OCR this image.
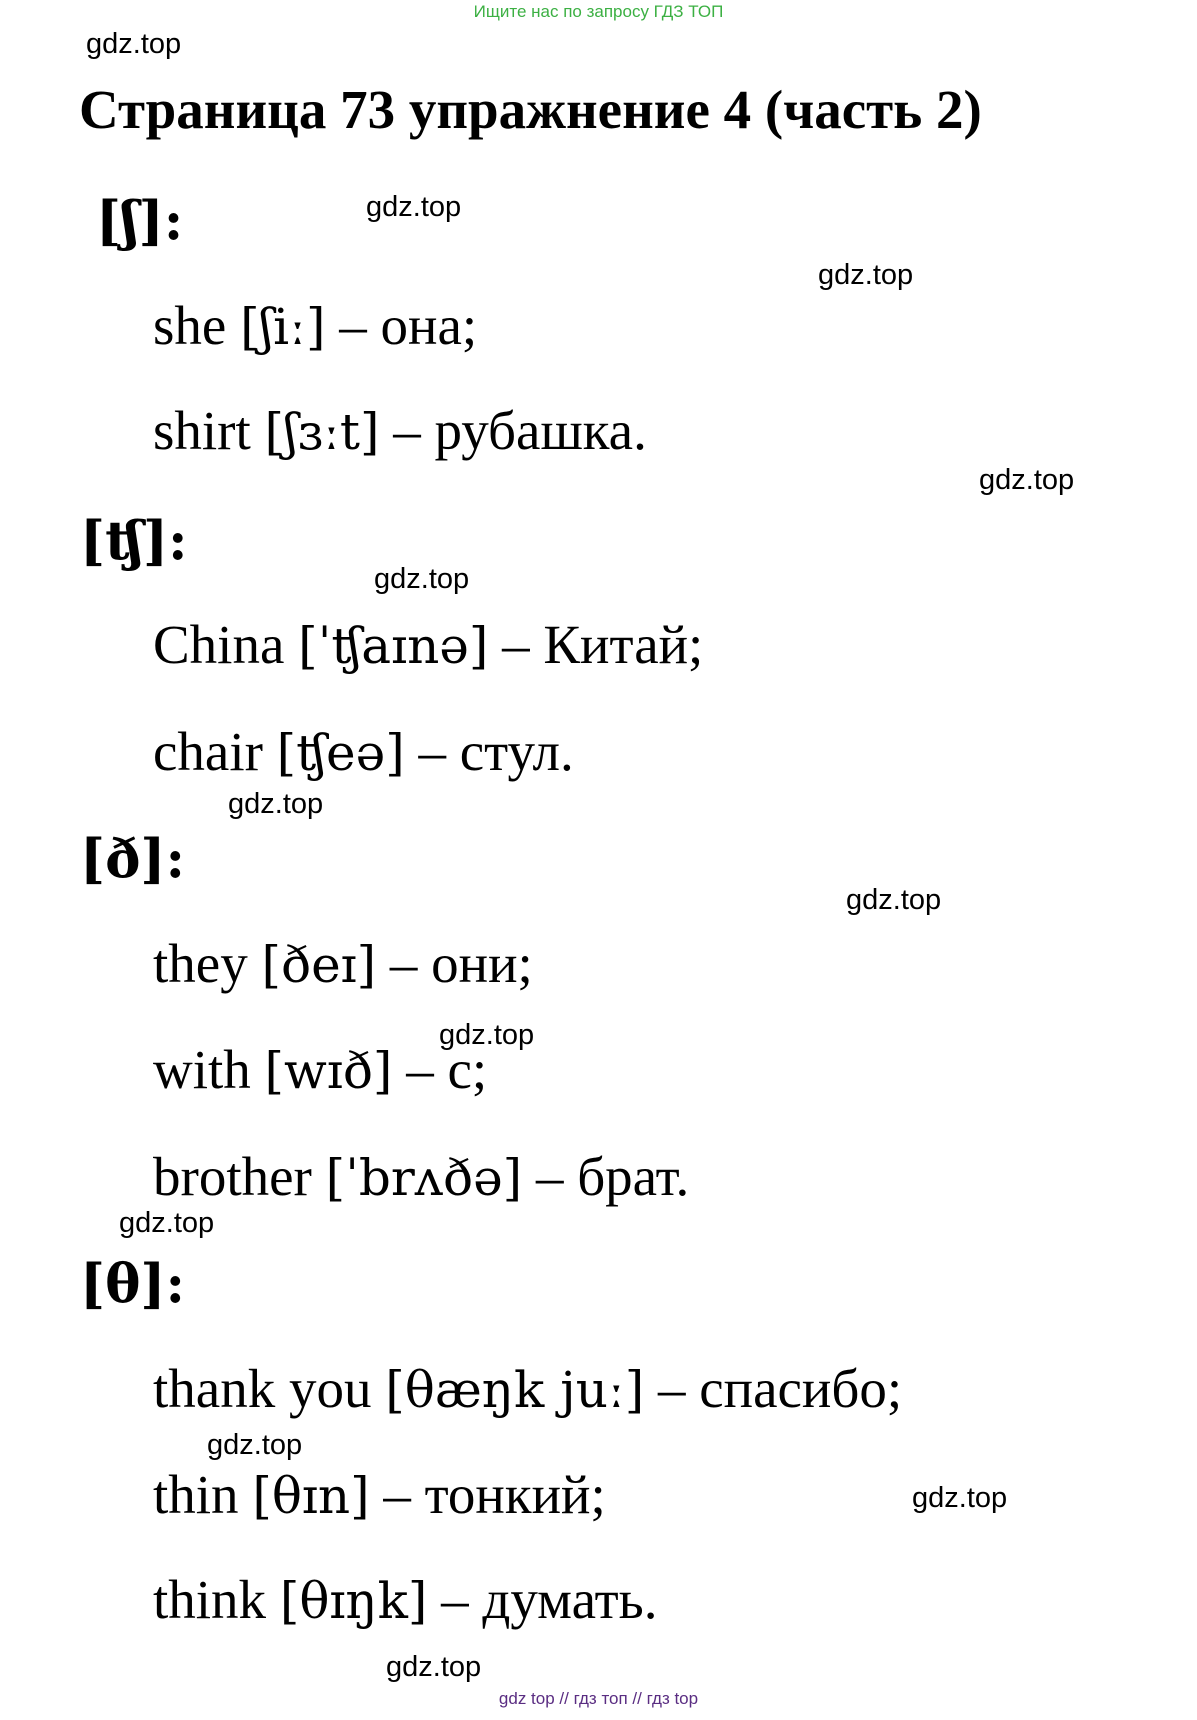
Ищите нас по запросу ГДЗ ТОП
gdz.top
gdz.top
gdz.top
gdz.top
gdz.top
gdz.top
gdz.top
gdz.top
gdz.top
gdz.top
gdz.top
gdz.top
Страница 73 упражнение 4 (часть 2)
[ʃ]:
she [ʃiː] – она;
shirt [ʃɜːt] – рубашка.
[ʧ]:
China [ˈʧaɪnə] – Китай;
chair [ʧeə] – стул.
[ð]:
they [ðeɪ] – они;
with [wɪð] – с;
brother [ˈbrʌðə] – брат.
[θ]:
thank you [θæŋk juː] – спасибо;
thin [θɪn] – тонкий;
think [θɪŋk] – думать.
gdz top // гдз топ // гдз top
